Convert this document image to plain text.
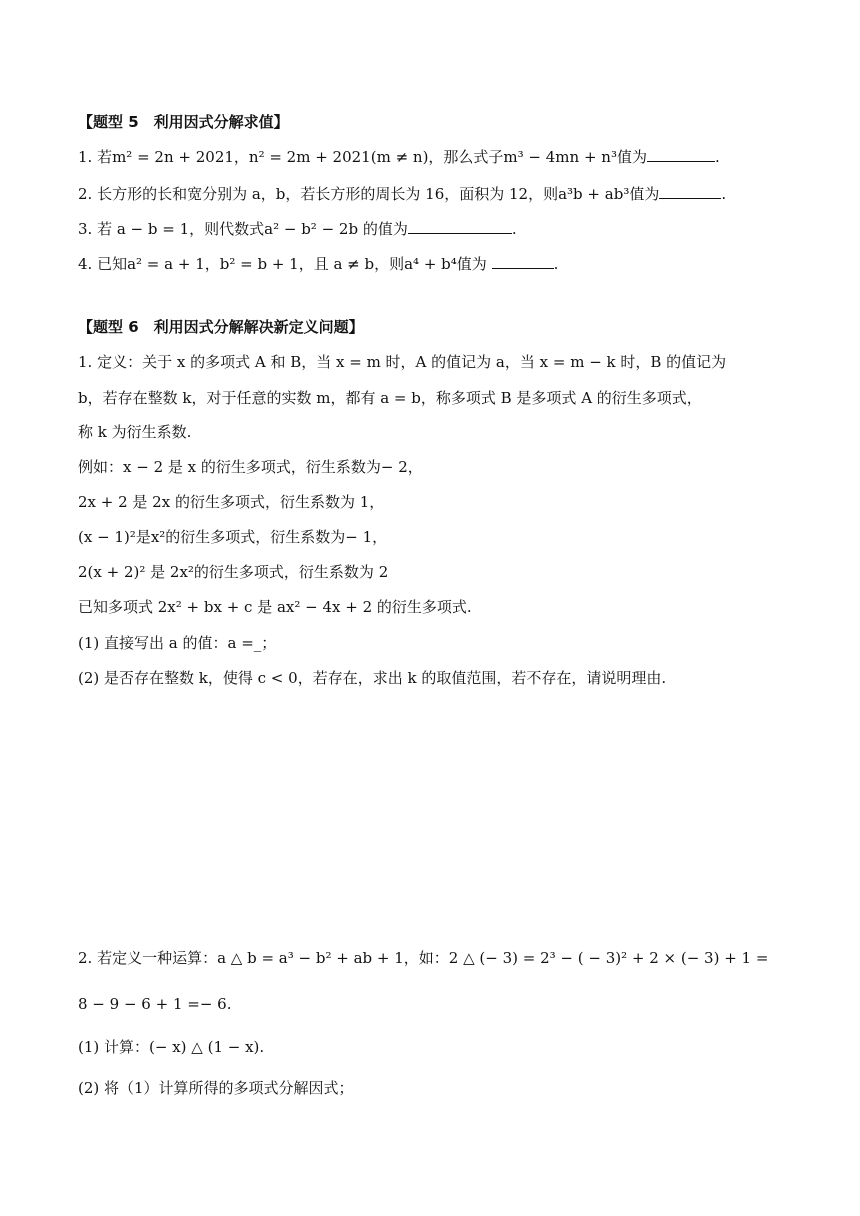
【题型 5　利用因式分解求值】
1. 若m² = 2n + 2021，n² = 2m + 2021(m ≠ n)，那么式子m³ − 4mn + n³值为	.
2. 长方形的长和宽分别为 a，b，若长方形的周长为 16，面积为 12，则a³b + ab³值为	.
3. 若 a − b = 1，则代数式a² − b² − 2b 的值为	.
4. 已知a² = a + 1，b² = b + 1，且 a ≠ b，则a⁴ + b⁴值为	.
【题型 6　利用因式分解解决新定义问题】
1. 定义：关于 x 的多项式 A 和 B，当 x = m 时，A 的值记为 a，当 x = m − k 时，B 的值记为
b，若存在整数 k，对于任意的实数 m，都有 a = b，称多项式 B 是多项式 A 的衍生多项式，
称 k 为衍生系数.
例如：x − 2 是 x 的衍生多项式，衍生系数为− 2，
2x + 2 是 2x 的衍生多项式，衍生系数为 1，
(x − 1)²是x²的衍生多项式，衍生系数为− 1，
2(x + 2)² 是 2x²的衍生多项式，衍生系数为 2
已知多项式 2x² + bx + c 是 ax² − 4x + 2 的衍生多项式.
(1) 直接写出 a 的值：a =_；
(2) 是否存在整数 k，使得 c < 0，若存在，求出 k 的取值范围，若不存在，请说明理由.
2. 若定义一种运算：a △ b = a³ − b² + ab + 1，如：2 △ (− 3) = 2³ − ( − 3)² + 2 × (− 3) + 1 =
8 − 9 − 6 + 1 =− 6.
(1) 计算：(− x) △ (1 − x).
(2) 将（1）计算所得的多项式分解因式；
